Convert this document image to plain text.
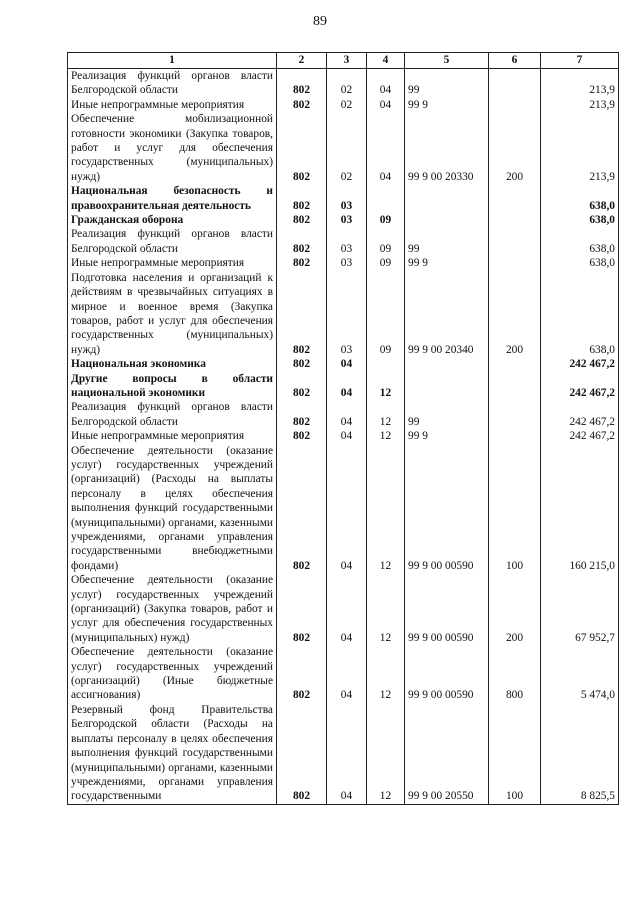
89
1	2	3	4	5	6	7
Реализация функций органов власти Белгородской области	802	02	04	99		213,9
Иные непрограммные мероприятия	802	02	04	99 9		213,9
Обеспечение мобилизационной готовности экономики (Закупка товаров, работ и услуг для обеспечения государственных (муниципальных) нужд)	802	02	04	99 9 00 20330	200	213,9
Национальная безопасность и правоохранительная деятельность	802	03				638,0
Гражданская оборона	802	03	09			638,0
Реализация функций органов власти Белгородской области	802	03	09	99		638,0
Иные непрограммные мероприятия	802	03	09	99 9		638,0
Подготовка населения и организаций к действиям в чрезвычайных ситуациях в мирное и военное время (Закупка товаров, работ и услуг для обеспечения государственных (муниципальных) нужд)	802	03	09	99 9 00 20340	200	638,0
Национальная экономика	802	04				242 467,2
Другие вопросы в области национальной экономики	802	04	12			242 467,2
Реализация функций органов власти Белгородской области	802	04	12	99		242 467,2
Иные непрограммные мероприятия	802	04	12	99 9		242 467,2
Обеспечение деятельности (оказание услуг) государственных учреждений (организаций) (Расходы на выплаты персоналу в целях обеспечения выполнения функций государственными (муниципальными) органами, казенными учреждениями, органами управления государственными внебюджетными фондами)	802	04	12	99 9 00 00590	100	160 215,0
Обеспечение деятельности (оказание услуг) государственных учреждений (организаций) (Закупка товаров, работ и услуг для обеспечения государственных (муниципальных) нужд)	802	04	12	99 9 00 00590	200	67 952,7
Обеспечение деятельности (оказание услуг) государственных учреждений (организаций) (Иные бюджетные ассигнования)	802	04	12	99 9 00 00590	800	5 474,0
Резервный фонд Правительства Белгородской области (Расходы на выплаты персоналу в целях обеспечения выполнения функций государственными (муниципальными) органами, казенными учреждениями, органами управления государственными	802	04	12	99 9 00 20550	100	8 825,5
